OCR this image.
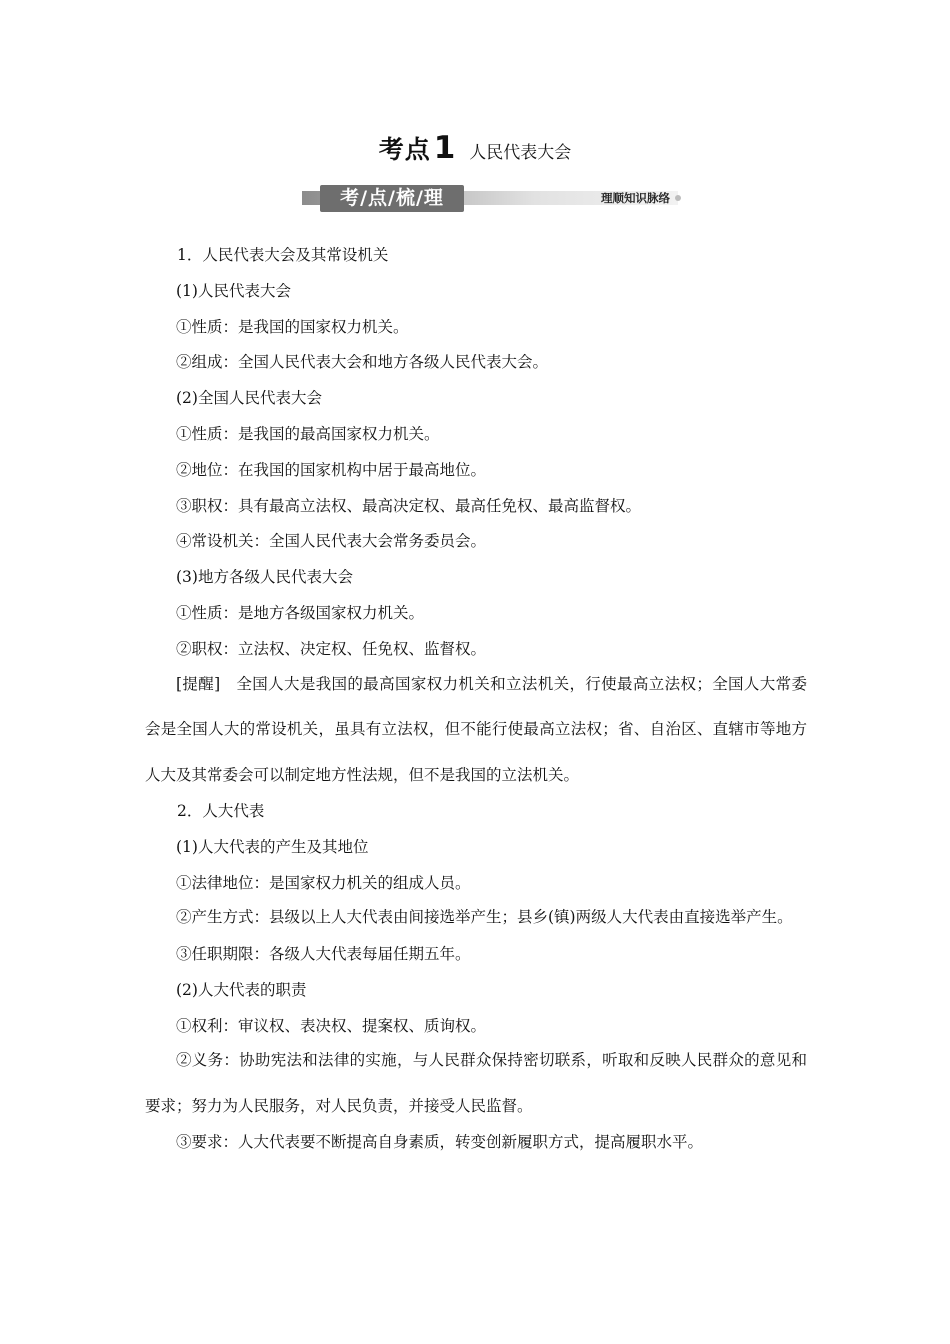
考点1 人民代表大会
考/点/梳/理	理顺知识脉络

1．人民代表大会及其常设机关

(1)人民代表大会

①性质：是我国的国家权力机关。

②组成：全国人民代表大会和地方各级人民代表大会。

(2)全国人民代表大会

①性质：是我国的最高国家权力机关。

②地位：在我国的国家机构中居于最高地位。

③职权：具有最高立法权、最高决定权、最高任免权、最高监督权。

④常设机关：全国人民代表大会常务委员会。

(3)地方各级人民代表大会

①性质：是地方各级国家权力机关。

②职权：立法权、决定权、任免权、监督权。

[提醒]　全国人大是我国的最高国家权力机关和立法机关，行使最高立法权；全国人大常委会是全国人大的常设机关，虽具有立法权，但不能行使最高立法权；省、自治区、直辖市等地方人大及其常委会可以制定地方性法规，但不是我国的立法机关。

2．人大代表

(1)人大代表的产生及其地位

①法律地位：是国家权力机关的组成人员。

②产生方式：县级以上人大代表由间接选举产生；县乡(镇)两级人大代表由直接选举产生。

③任职期限：各级人大代表每届任期五年。

(2)人大代表的职责

①权利：审议权、表决权、提案权、质询权。

②义务：协助宪法和法律的实施，与人民群众保持密切联系，听取和反映人民群众的意见和要求；努力为人民服务，对人民负责，并接受人民监督。

③要求：人大代表要不断提高自身素质，转变创新履职方式，提高履职水平。
